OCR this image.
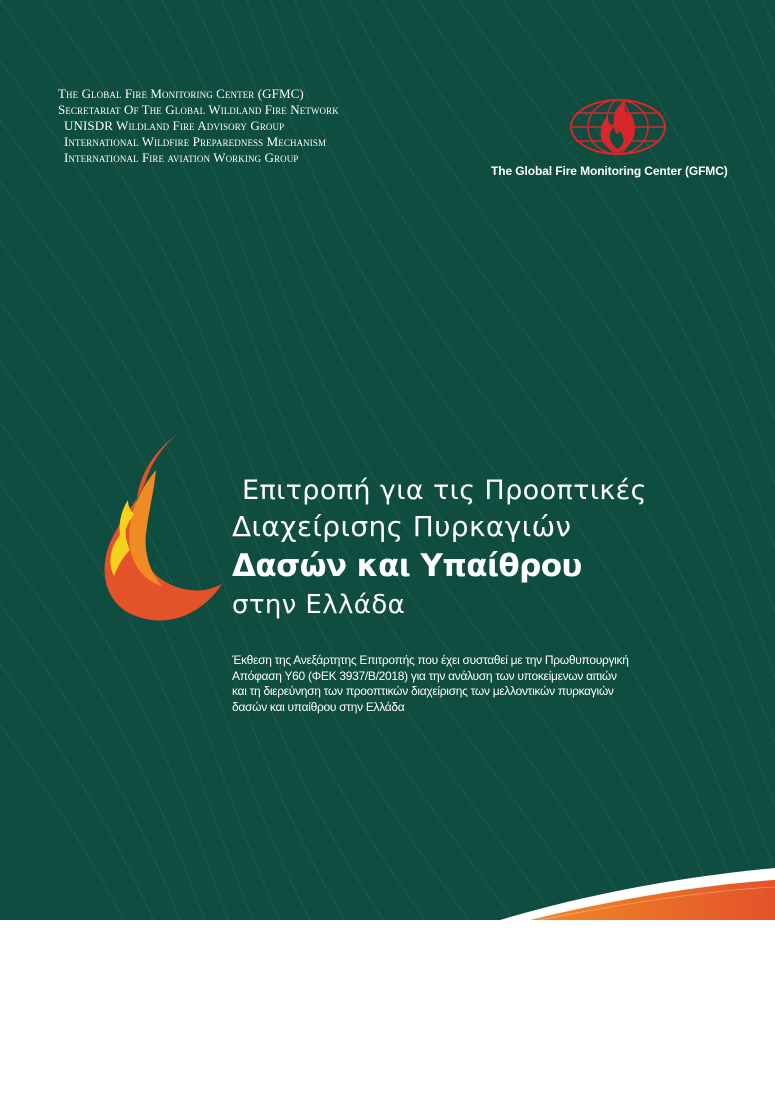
The Global Fire Monitoring Center (GFMC)
Secretariat Of The Global Wildland Fire Network
UNISDR Wildland Fire Advisory Group
International Wildfire Preparedness Mechanism
International Fire aviation Working Group
The Global Fire Monitoring Center (GFMC)
Επιτροπή για τις Προοπτικές
Διαχείρισης Πυρκαγιών
Δασών και Υπαίθρου
στην Ελλάδα
Έκθεση της Ανεξάρτητης Επιτροπής που έχει συσταθεί με την Πρωθυπουργική
Απόφαση Υ60 (ΦΕΚ 3937/Β/2018) για την ανάλυση των υποκείμενων αιτιών
και τη διερεύνηση των προοπτικών διαχείρισης των μελλοντικών πυρκαγιών
δασών και υπαίθρου στην Ελλάδα
